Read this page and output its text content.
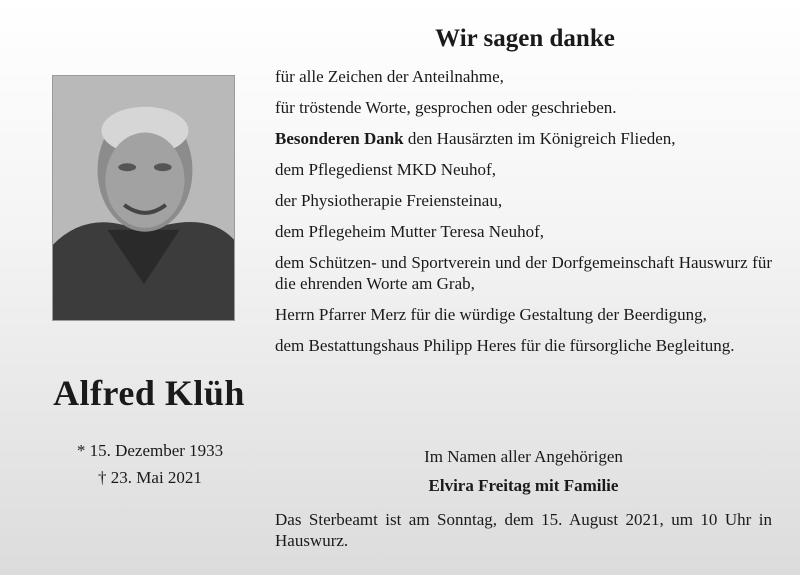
Alfred Klüh
* 15. Dezember 1933
† 23. Mai 2021
Wir sagen danke

für alle Zeichen der Anteilnahme,

für tröstende Worte, gesprochen oder geschrieben.

Besonderen Dank den Hausärzten im Königreich Flieden,

dem Pflegedienst MKD Neuhof,

der Physiotherapie Freiensteinau,

dem Pflegeheim Mutter Teresa Neuhof,

dem Schützen- und Sportverein und der Dorfgemeinschaft Hauswurz für die ehrenden Worte am Grab,

Herrn Pfarrer Merz für die würdige Gestaltung der Beerdigung,

dem Bestattungshaus Philipp Heres für die fürsorgliche Begleitung.

Im Namen aller Angehörigen
Elvira Freitag mit Familie
Das Sterbeamt ist am Sonntag, dem 15. August 2021, um 10 Uhr in Hauswurz.
